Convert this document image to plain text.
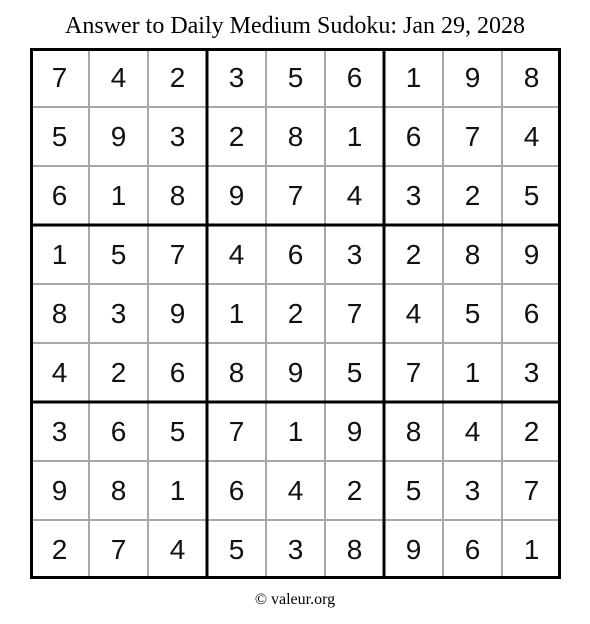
Answer to Daily Medium Sudoku: Jan 29, 2028
7	4	2	3	5	6	1	9	8
5	9	3	2	8	1	6	7	4
6	1	8	9	7	4	3	2	5
1	5	7	4	6	3	2	8	9
8	3	9	1	2	7	4	5	6
4	2	6	8	9	5	7	1	3
3	6	5	7	1	9	8	4	2
9	8	1	6	4	2	5	3	7
2	7	4	5	3	8	9	6	1
© valeur.org
